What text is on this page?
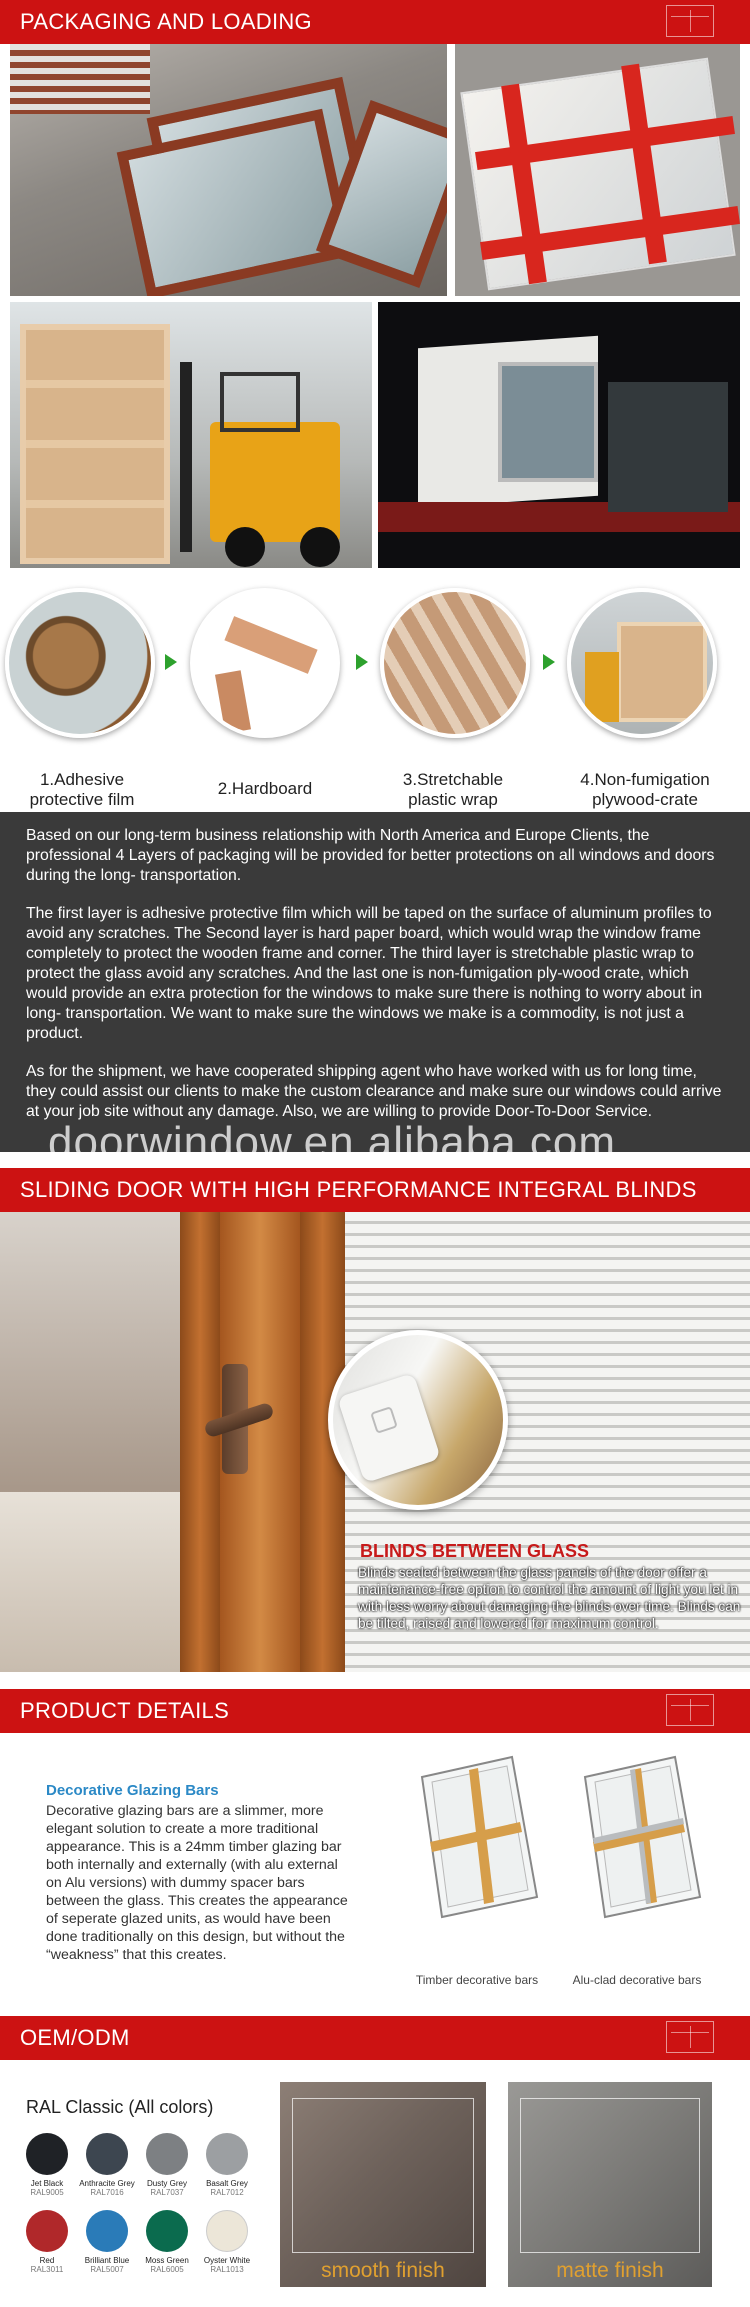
PACKAGING AND LOADING
1.Adhesive
protective film
2.Hardboard	3.Stretchable
plastic wrap
4.Non-fumigation
plywood-crate

Based on our long-term business relationship with North America and Europe Clients, the professional 4 Layers of packaging will be provided for better protections on all windows and doors during the long- transportation.

The first layer is adhesive protective film which will be taped on the surface of aluminum profiles to avoid any scratches. The Second layer is hard paper board, which would wrap the window frame completely to protect the wooden frame and corner. The third layer is stretchable plastic wrap to protect the glass avoid any scratches. And the last one is non-fumigation ply-wood crate, which would provide an extra protection for the windows to make sure there is nothing to worry about in long- transportation. We want to make sure the windows we make is a commodity, is not just a product.

As for the shipment, we have cooperated shipping agent who have worked with us for long time, they could assist our clients to make the custom clearance and make sure our windows could arrive at your job site without any damage. Also, we are willing to provide Door-To-Door Service.

doorwindow.en.alibaba.com
SLIDING DOOR WITH HIGH PERFORMANCE INTEGRAL BLINDS
BLINDS BETWEEN GLASS
Blinds sealed between the glass panels of the door offer a maintenance-free option to control the amount of light you let in with less worry about damaging the blinds over time. Blinds can be tilted, raised and lowered for maximum control.
PRODUCT DETAILS
Decorative Glazing Bars
Decorative glazing bars are a slimmer, more elegant solution to create a more traditional appearance. This is a 24mm timber glazing bar both internally and externally (with alu external on Alu versions) with dummy spacer bars between the glass. This creates the appearance of seperate glazed units, as would have been done traditionally on this design, but without the “weakness” that this creates.
Timber decorative bars	Alu-clad decorative bars
OEM/ODM
RAL Classic (All colors)
Jet Black
RAL9005
Anthracite Grey
RAL7016
Dusty Grey
RAL7037
Basalt Grey
RAL7012
Red
RAL3011
Brilliant Blue
RAL5007
Moss Green
RAL6005
Oyster White
RAL1013	smooth finish	matte finish
